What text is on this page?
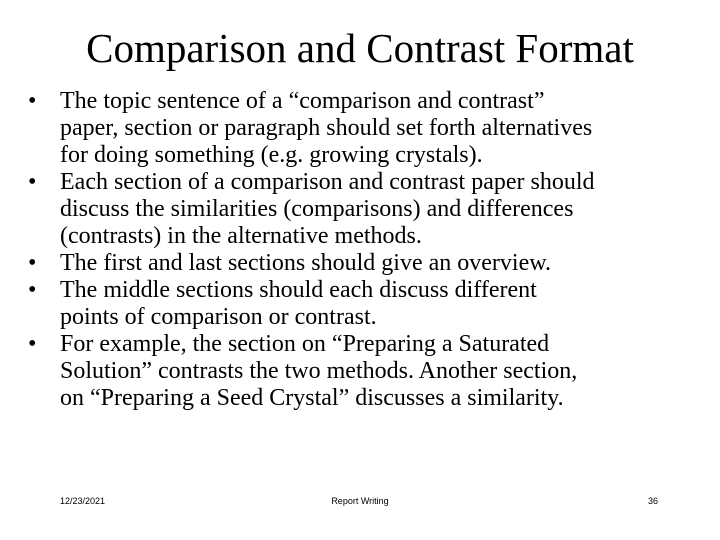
Comparison and Contrast Format
• The topic sentence of a “comparison and contrast”
paper, section or paragraph should set forth alternatives
for doing something (e.g. growing crystals).
• Each section of a comparison and contrast paper should
discuss the similarities (comparisons) and differences
(contrasts) in the alternative methods.
• The first and last sections should give an overview.
• The middle sections should each discuss different
points of comparison or contrast.
• For example, the section on “Preparing a Saturated
Solution” contrasts the two methods. Another section,
on “Preparing a Seed Crystal” discusses a similarity.
12/23/2021	Report Writing	36
